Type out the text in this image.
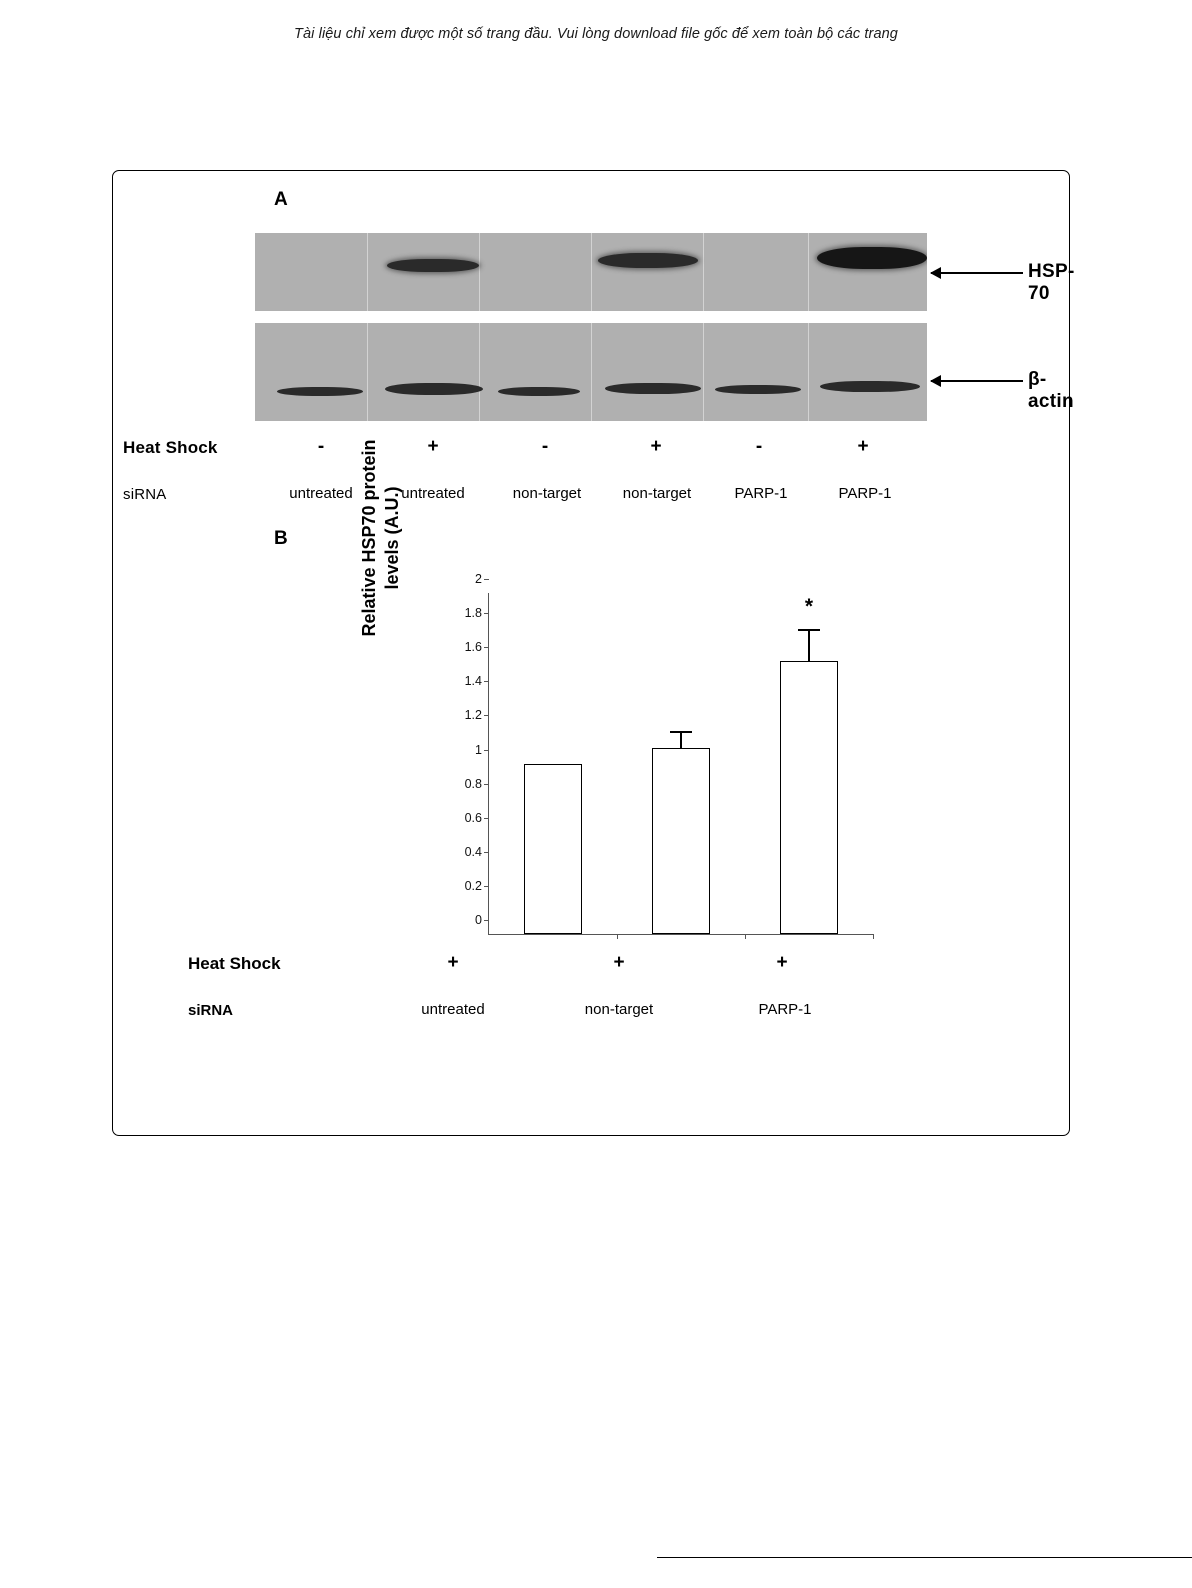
Tài liệu chỉ xem được một số trang đầu. Vui lòng download file gốc để xem toàn bộ các trang
A
HSP-70
β- actin
Heat Shock	-	+	-	+	-	+
siRNA	untreated	untreated	non-target	non-target	PARP-1	PARP-1
B	Relative HSP70 protein levels (A.U.)
0
0.2
0.4
0.6
0.8
1
1.2
1.4
1.6
1.8
2
*
Heat Shock	+	+	+
siRNA	untreated	non-target	PARP-1
